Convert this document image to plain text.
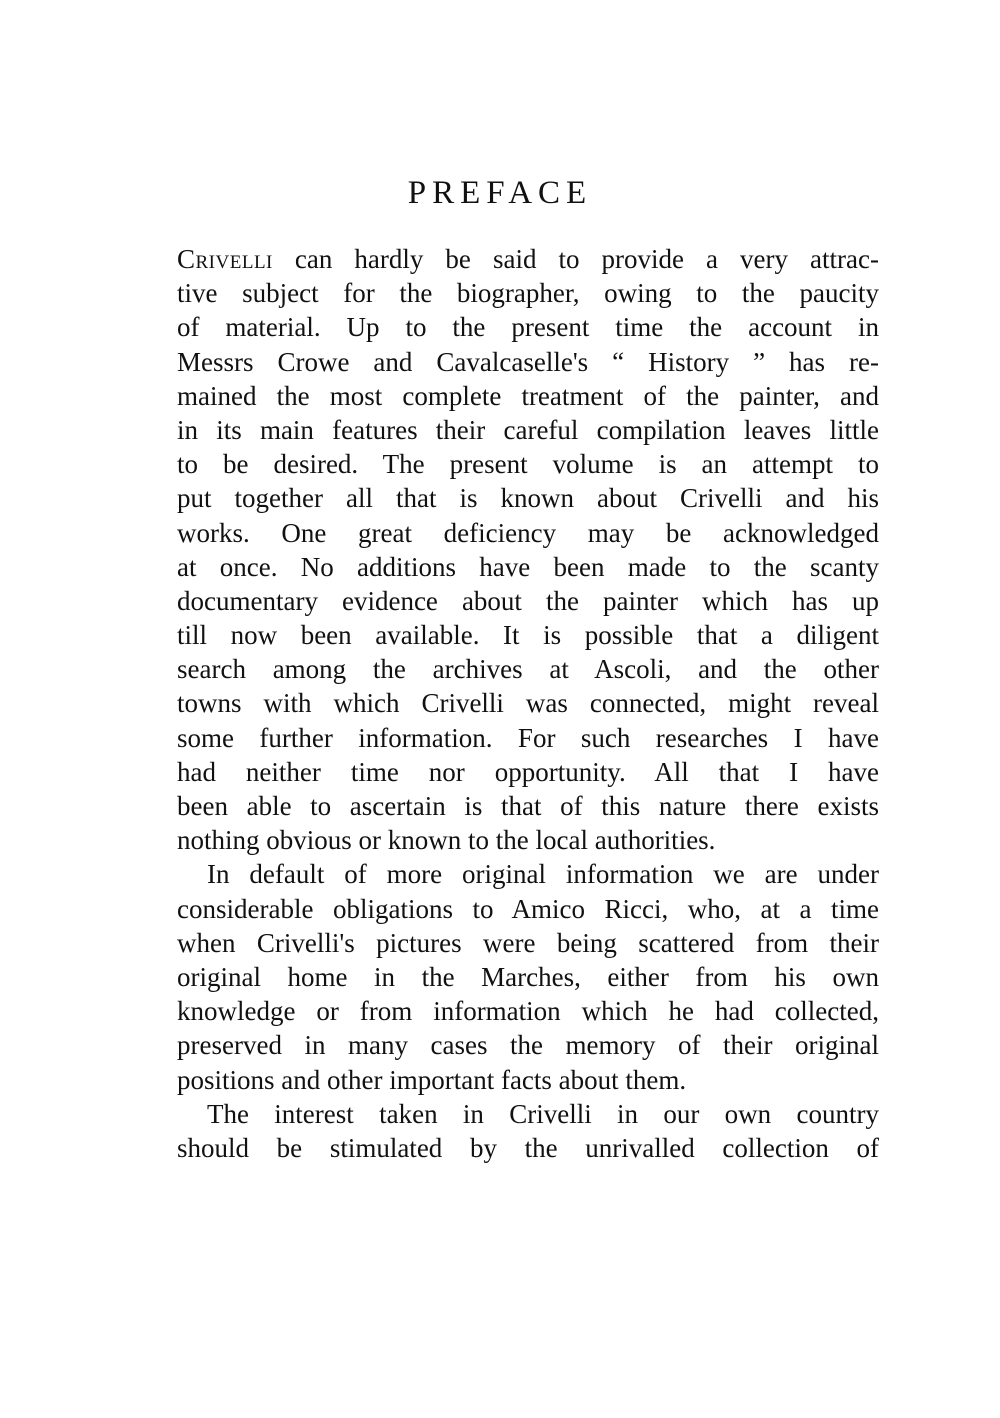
PREFACE
Crivelli can hardly be said to provide a very attrac-
tive subject for the biographer, owing to the paucity
of material. Up to the present time the account in
Messrs Crowe and Cavalcaselle's “ History ” has re-
mained the most complete treatment of the painter, and
in its main features their careful compilation leaves little
to be desired. The present volume is an attempt to
put together all that is known about Crivelli and his
works. One great deficiency may be acknowledged
at once. No additions have been made to the scanty
documentary evidence about the painter which has up
till now been available. It is possible that a diligent
search among the archives at Ascoli, and the other
towns with which Crivelli was connected, might reveal
some further information. For such researches I have
had neither time nor opportunity. All that I have
been able to ascertain is that of this nature there exists
nothing obvious or known to the local authorities.
In default of more original information we are under
considerable obligations to Amico Ricci, who, at a time
when Crivelli's pictures were being scattered from their
original home in the Marches, either from his own
knowledge or from information which he had collected,
preserved in many cases the memory of their original
positions and other important facts about them.
The interest taken in Crivelli in our own country
should be stimulated by the unrivalled collection of
